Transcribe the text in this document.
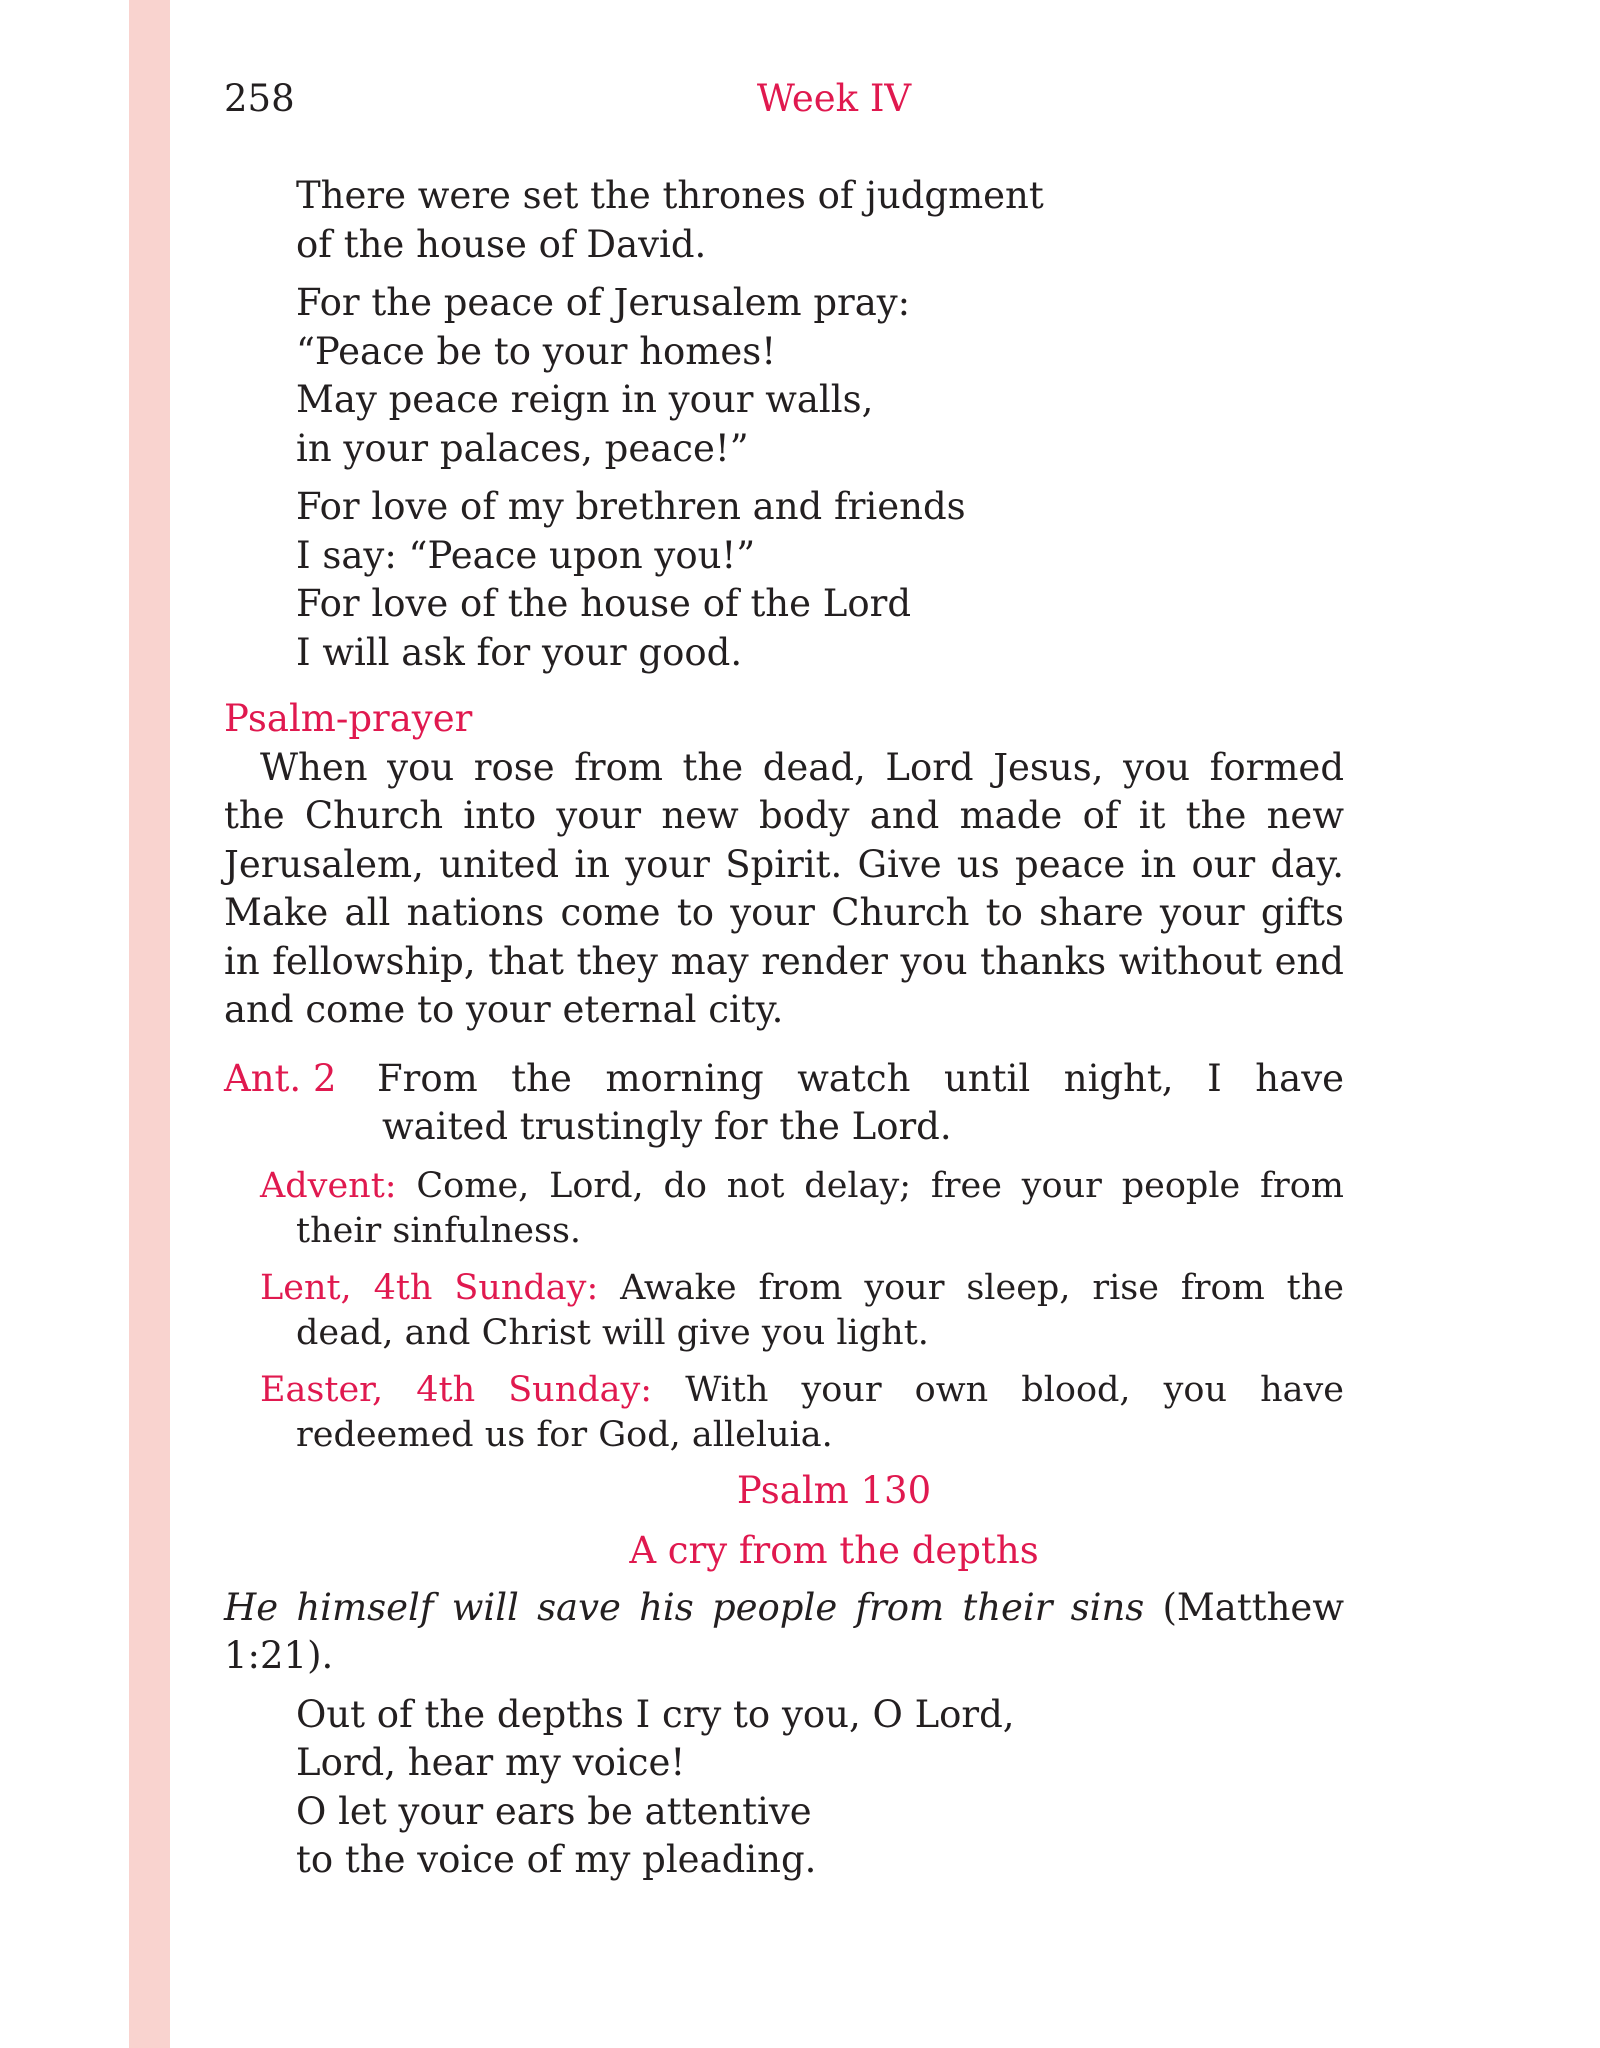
258	Week IV
There were set the thrones of judgment
of the house of David.
For the peace of Jerusalem pray:
“Peace be to your homes!
May peace reign in your walls,
in your palaces, peace!”
For love of my brethren and friends
I say: “Peace upon you!”
For love of the house of the Lord
I will ask for your good.
Psalm-prayer

When you rose from the dead, Lord Jesus, you formed the Church into your new body and made of it the new Jerusalem, united in your Spirit. Give us peace in our day. Make all nations come to your Church to share your gifts in fellowship, that they may render you thanks without end and come to your eternal city.

Ant. 2 From the morning watch until night, I have
waited trustingly for the Lord.
Advent: Come, Lord, do not delay; free your people from their sinfulness.
Lent, 4th Sunday: Awake from your sleep, rise from the dead, and Christ will give you light.
Easter, 4th Sunday: With your own blood, you have redeemed us for God, alleluia.
Psalm 130
A cry from the depths
He himself will save his people from their sins (Matthew 1:21).
Out of the depths I cry to you, O Lord,
Lord, hear my voice!
O let your ears be attentive
to the voice of my pleading.
